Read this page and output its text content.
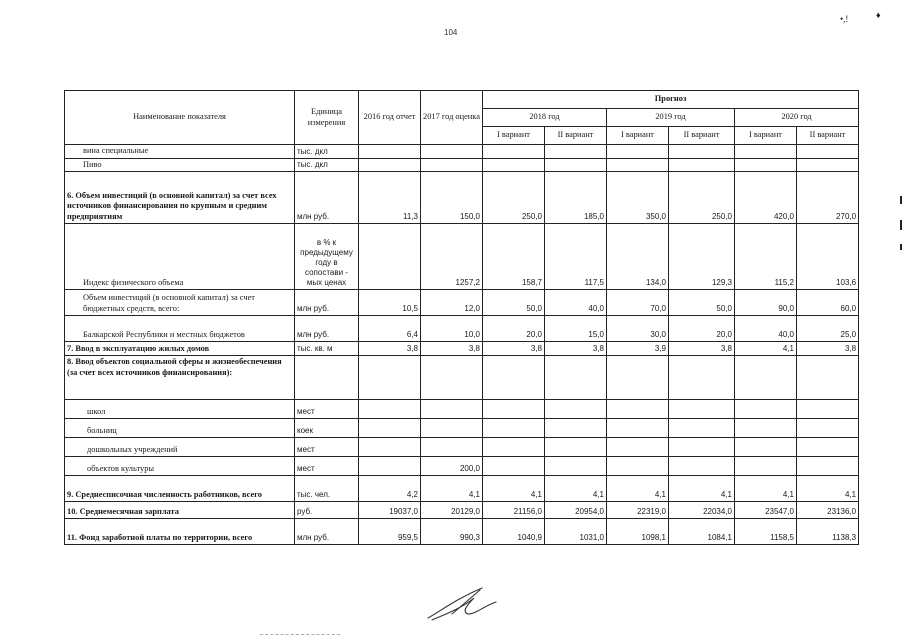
104
•,!	♦
Наименование показателя	Единица измерения	2016 год отчет	2017 год оценка	Прогноз					
				2018 год		2019 год		2020 год	
				I вариант	II вариант	I вариант	II вариант	I вариант	II вариант
вина специальные	тыс. дкл								
Пиво	тыс. дкл								
6. Объем инвестиций (в основной капитал) за счет всех источников финансирования по крупным и средним предприятиям	млн руб.	11,3	150,0	250,0	185,0	350,0	250,0	420,0	270,0
Индекс физического объема	в % к предыдущему году в сопостави - мых ценах		1257,2	158,7	117,5	134,0	129,3	115,2	103,6
Объем инвестиций (в основной капитал) за счет бюджетных средств, всего:	млн руб.	10,5	12,0	50,0	40,0	70,0	50,0	90,0	60,0
Балкарской Республики и местных бюджетов	млн руб.	6,4	10,0	20,0	15,0	30,0	20,0	40,0	25,0
7. Ввод в эксплуатацию жилых домов	тыс. кв. м	3,8	3,8	3,8	3,8	3,9	3,8	4,1	3,8
8. Ввод объектов социальной сферы и жизнеобеспечения (за счет всех источников финансирования):									
школ	мест								
больниц	коек								
дошкольных учреждений	мест								
объектов культуры	мест		200,0						
9. Среднесписочная численность работников, всего	тыс. чел.	4,2	4,1	4,1	4,1	4,1	4,1	4,1	4,1
10. Среднемесячная зарплата	руб.	19037,0	20129,0	21156,0	20954,0	22319,0	22034,0	23547,0	23136,0
11. Фонд заработной платы по территории, всего	млн руб.	959,5	990,3	1040,9	1031,0	1098,1	1084,1	1158,5	1138,3
